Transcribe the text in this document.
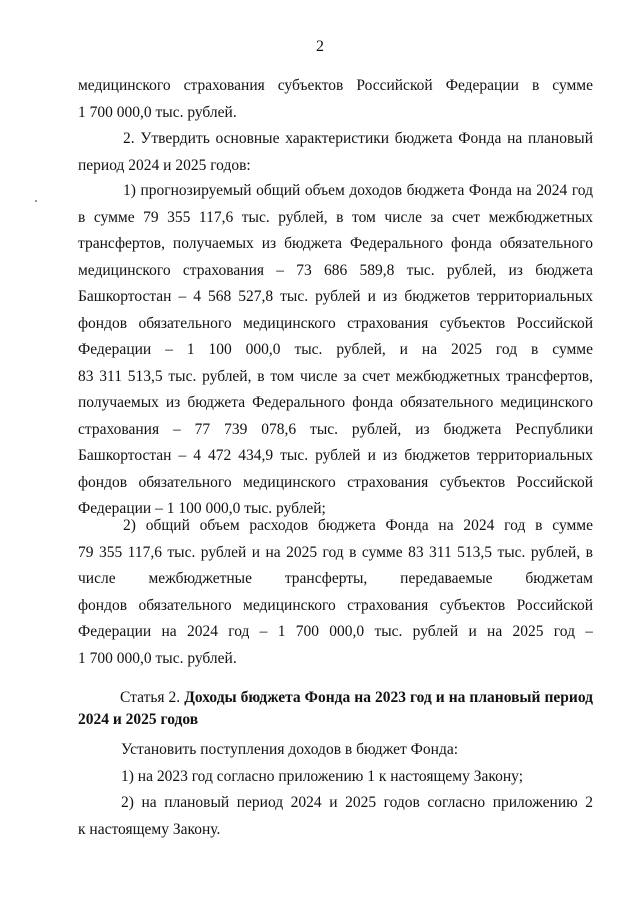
2
медицинского страхования субъектов Российской Федерации в сумме
1 700 000,0 тыс. рублей.
2. Утвердить основные характеристики бюджета Фонда на плановый
период 2024 и 2025 годов:
1) прогнозируемый общий объем доходов бюджета Фонда на 2024 год
в сумме 79 355 117,6 тыс. рублей, в том числе за счет межбюджетных
трансфертов, получаемых из бюджета Федерального фонда обязательного
медицинского страхования – 73 686 589,8 тыс. рублей, из бюджета
Башкортостан – 4 568 527,8 тыс. рублей и из бюджетов территориальных
фондов обязательного медицинского страхования субъектов Российской
Федерации – 1 100 000,0 тыс. рублей, и на 2025 год в сумме
83 311 513,5 тыс. рублей, в том числе за счет межбюджетных трансфертов,
получаемых из бюджета Федерального фонда обязательного медицинского
страхования – 77 739 078,6 тыс. рублей, из бюджета Республики
Башкортостан – 4 472 434,9 тыс. рублей и из бюджетов территориальных
фондов обязательного медицинского страхования субъектов Российской
Федерации – 1 100 000,0 тыс. рублей;
2) общий объем расходов бюджета Фонда на 2024 год в сумме
79 355 117,6 тыс. рублей и на 2025 год в сумме 83 311 513,5 тыс. рублей, в
числе межбюджетные трансферты, передаваемые бюджетам
фондов обязательного медицинского страхования субъектов Российской
Федерации на 2024 год – 1 700 000,0 тыс. рублей и на 2025 год –
1 700 000,0 тыс. рублей.
Статья 2. Доходы бюджета Фонда на 2023 год и на плановый период
2024 и 2025 годов
Установить поступления доходов в бюджет Фонда:
1) на 2023 год согласно приложению 1 к настоящему Закону;
2) на плановый период 2024 и 2025 годов согласно приложению 2
к настоящему Закону.
